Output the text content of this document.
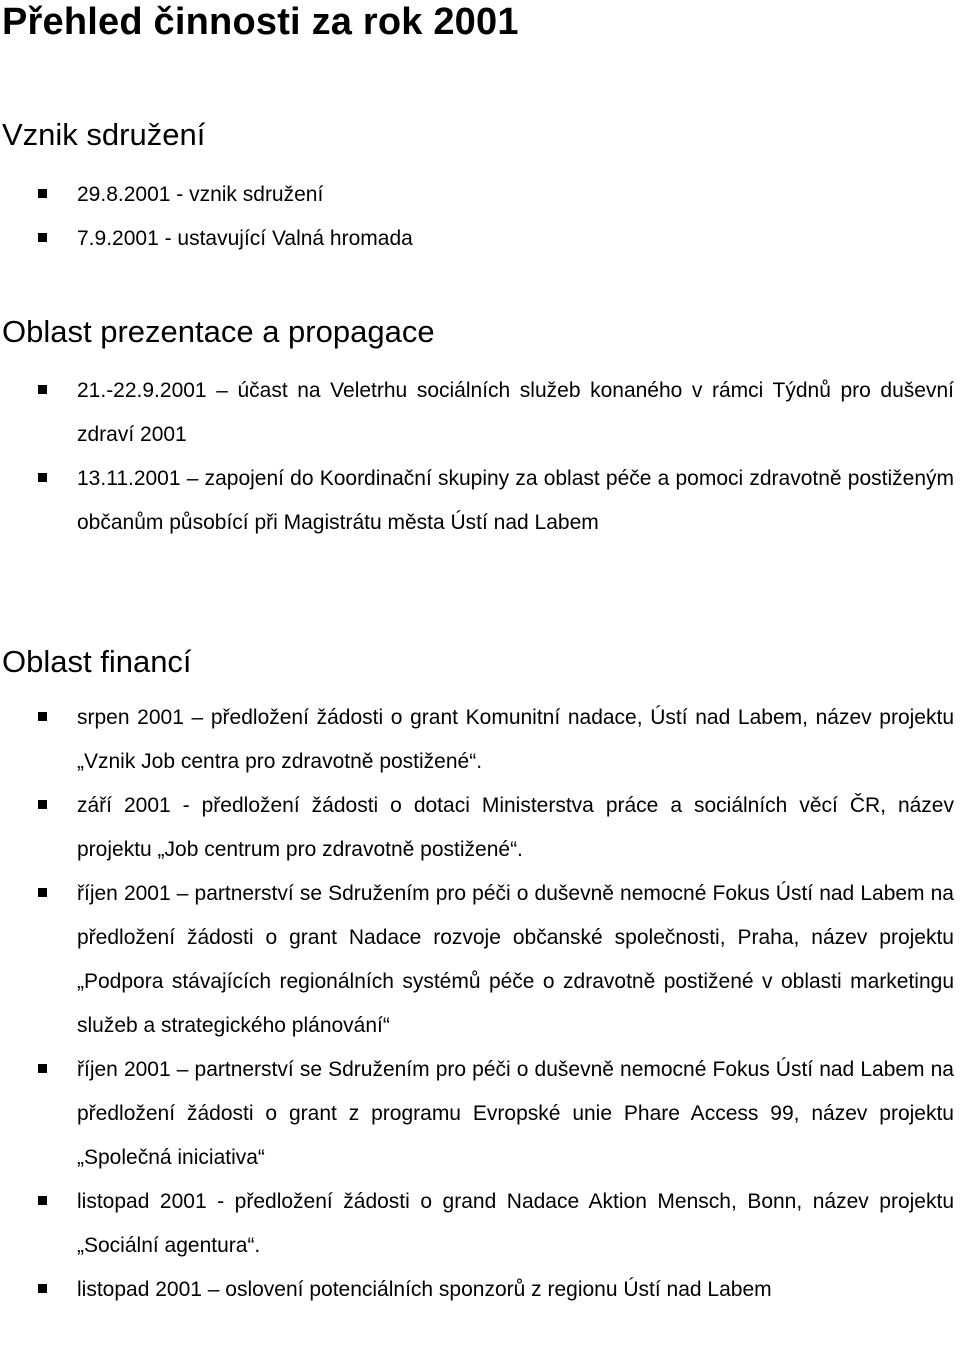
Přehled činnosti za rok 2001
Vznik sdružení
29.8.2001 - vznik sdružení
7.9.2001 - ustavující Valná hromada
Oblast prezentace a propagace
21.-22.9.2001 – účast na Veletrhu sociálních služeb konaného v rámci Týdnů pro duševní zdraví 2001
13.11.2001 – zapojení do Koordinační skupiny za oblast péče a pomoci zdravotně postiženým občanům působící při Magistrátu města Ústí nad Labem
Oblast financí
srpen 2001 – předložení žádosti o grant Komunitní nadace, Ústí nad Labem, název projektu „Vznik Job centra pro zdravotně postižené“.
září 2001 - předložení žádosti o dotaci Ministerstva práce a sociálních věcí ČR, název projektu „Job centrum pro zdravotně postižené“.
říjen 2001 – partnerství se Sdružením pro péči o duševně nemocné Fokus Ústí nad Labem na předložení žádosti o grant Nadace rozvoje občanské společnosti, Praha, název projektu „Podpora stávajících regionálních systémů péče o zdravotně postižené v oblasti marketingu služeb a strategického plánování“
říjen 2001 – partnerství se Sdružením pro péči o duševně nemocné Fokus Ústí nad Labem na předložení žádosti o grant z programu Evropské unie Phare Access 99, název projektu „Společná iniciativa“
listopad 2001 - předložení žádosti o grand Nadace Aktion Mensch, Bonn, název projektu „Sociální agentura“.
listopad 2001 – oslovení potenciálních sponzorů z regionu Ústí nad Labem
